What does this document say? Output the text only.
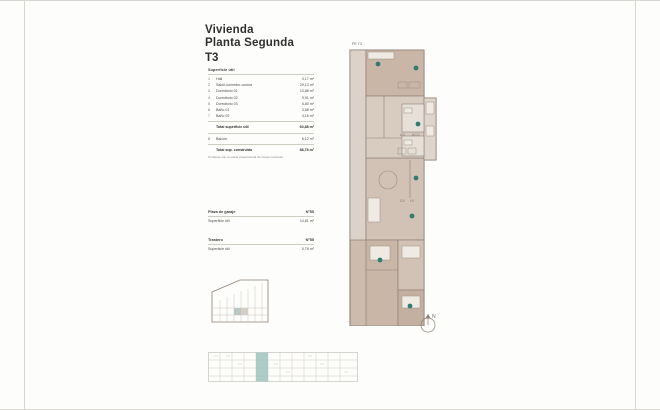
Vivienda
Planta Segunda
T3
Superficie útil
1	Hall	3,17 m²
2	Salón-comedor-cocina	29,13 m²
3	Dormitorio 01	13,88 m²
4	Dormitorio 02	9,91 m²
5	Dormitorio 03	5,80 m²
6	Baño 01	3,88 m²
7	Baño 02	4,16 m²
Total superficie útil	60,88 m²
8	Balcón	6,12 m²
Total sup. construida	88,78 m²
Contiene con su parte proporcional de zonas comunes
Plaza de garaje	Nº55
Superficie útil	14,81 m²
Trastero	Nº55
Superficie útil	5,78 m²
PE T3
UD HCO
CV LV
N
